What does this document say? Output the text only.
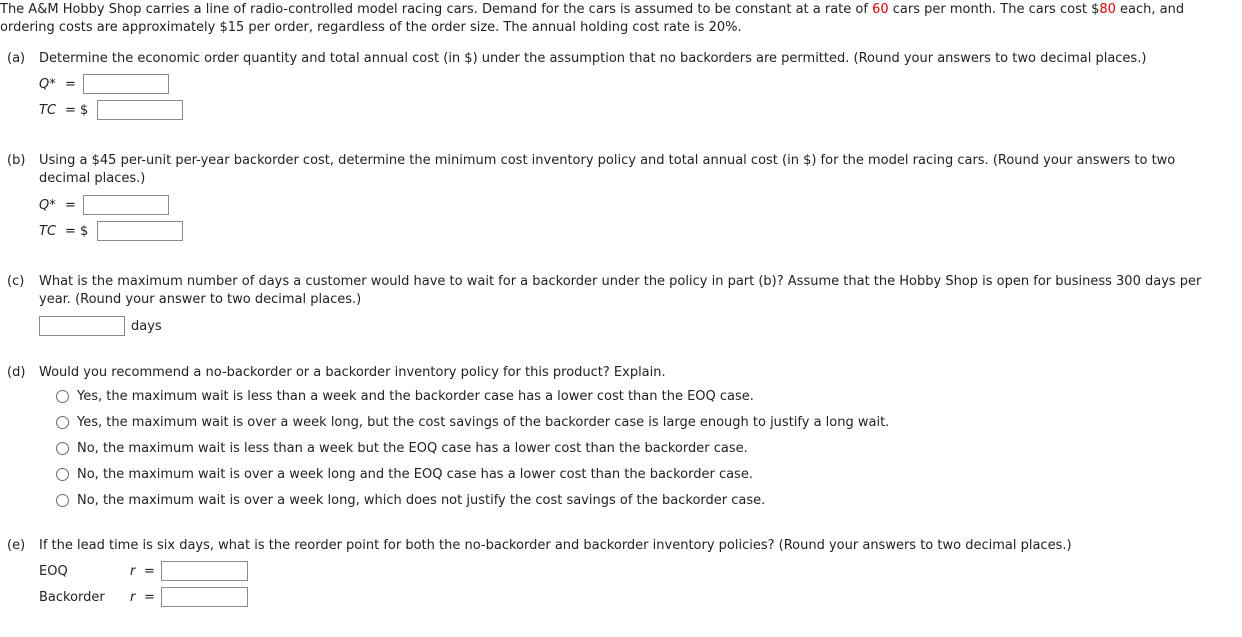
The A&M Hobby Shop carries a line of radio-controlled model racing cars. Demand for the cars is assumed to be constant at a rate of 60 cars per month. The cars cost $80 each, and ordering costs are approximately $15 per order, regardless of the order size. The annual holding cost rate is 20%.
(a) Determine the economic order quantity and total annual cost (in $) under the assumption that no backorders are permitted. (Round your answers to two decimal places.)
Q* =
TC = $
(b) Using a $45 per-unit per-year backorder cost, determine the minimum cost inventory policy and total annual cost (in $) for the model racing cars. (Round your answers to two decimal places.)
Q* =
TC = $
(c) What is the maximum number of days a customer would have to wait for a backorder under the policy in part (b)? Assume that the Hobby Shop is open for business 300 days per year. (Round your answer to two decimal places.)
days
(d) Would you recommend a no-backorder or a backorder inventory policy for this product? Explain.
Yes, the maximum wait is less than a week and the backorder case has a lower cost than the EOQ case.
Yes, the maximum wait is over a week long, but the cost savings of the backorder case is large enough to justify a long wait.
No, the maximum wait is less than a week but the EOQ case has a lower cost than the backorder case.
No, the maximum wait is over a week long and the EOQ case has a lower cost than the backorder case.
No, the maximum wait is over a week long, which does not justify the cost savings of the backorder case.
(e) If the lead time is six days, what is the reorder point for both the no-backorder and backorder inventory policies? (Round your answers to two decimal places.)
EOQ	r =
Backorder r =
